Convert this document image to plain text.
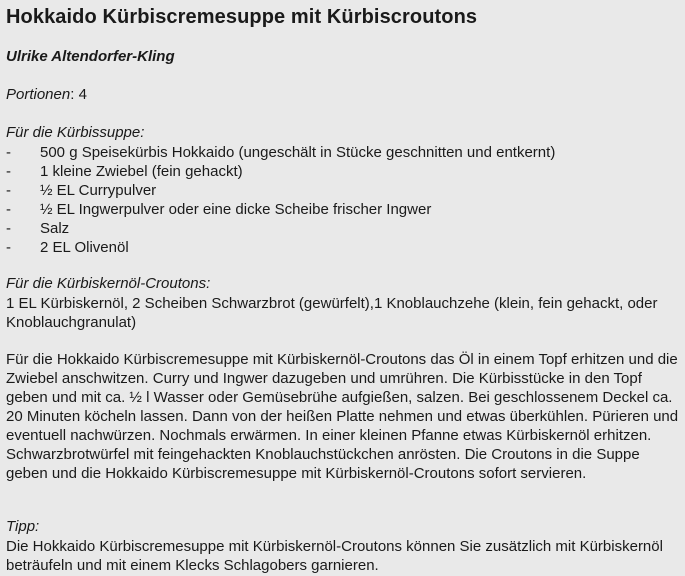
Hokkaido Kürbiscremesuppe mit Kürbiscroutons
Ulrike Altendorfer-Kling
Portionen: 4
Für die Kürbissuppe:
- 500 g Speisekürbis Hokkaido (ungeschält in Stücke geschnitten und entkernt)
- 1 kleine Zwiebel (fein gehackt)
- ½ EL Currypulver
- ½ EL Ingwerpulver oder eine dicke Scheibe frischer Ingwer
- Salz
- 2 EL Olivenöl
Für die Kürbiskernöl-Croutons:

1 EL Kürbiskernöl, 2 Scheiben Schwarzbrot (gewürfelt),1 Knoblauchzehe (klein, fein gehackt, oder Knoblauchgranulat)

Für die Hokkaido Kürbiscremesuppe mit Kürbiskernöl-Croutons das Öl in einem Topf erhitzen und die Zwiebel anschwitzen. Curry und Ingwer dazugeben und umrühren. Die Kürbisstücke in den Topf geben und mit ca. ½ l Wasser oder Gemüsebrühe aufgießen, salzen. Bei geschlossenem Deckel ca. 20 Minuten köcheln lassen. Dann von der heißen Platte nehmen und etwas überkühlen. Pürieren und eventuell nachwürzen. Nochmals erwärmen. In einer kleinen Pfanne etwas Kürbiskernöl erhitzen. Schwarzbrotwürfel mit feingehackten Knoblauchstückchen anrösten. Die Croutons in die Suppe geben und die Hokkaido Kürbiscremesuppe mit Kürbiskernöl-Croutons sofort servieren.

Tipp:

Die Hokkaido Kürbiscremesuppe mit Kürbiskernöl-Croutons können Sie zusätzlich mit Kürbiskernöl beträufeln und mit einem Klecks Schlagobers garnieren.
